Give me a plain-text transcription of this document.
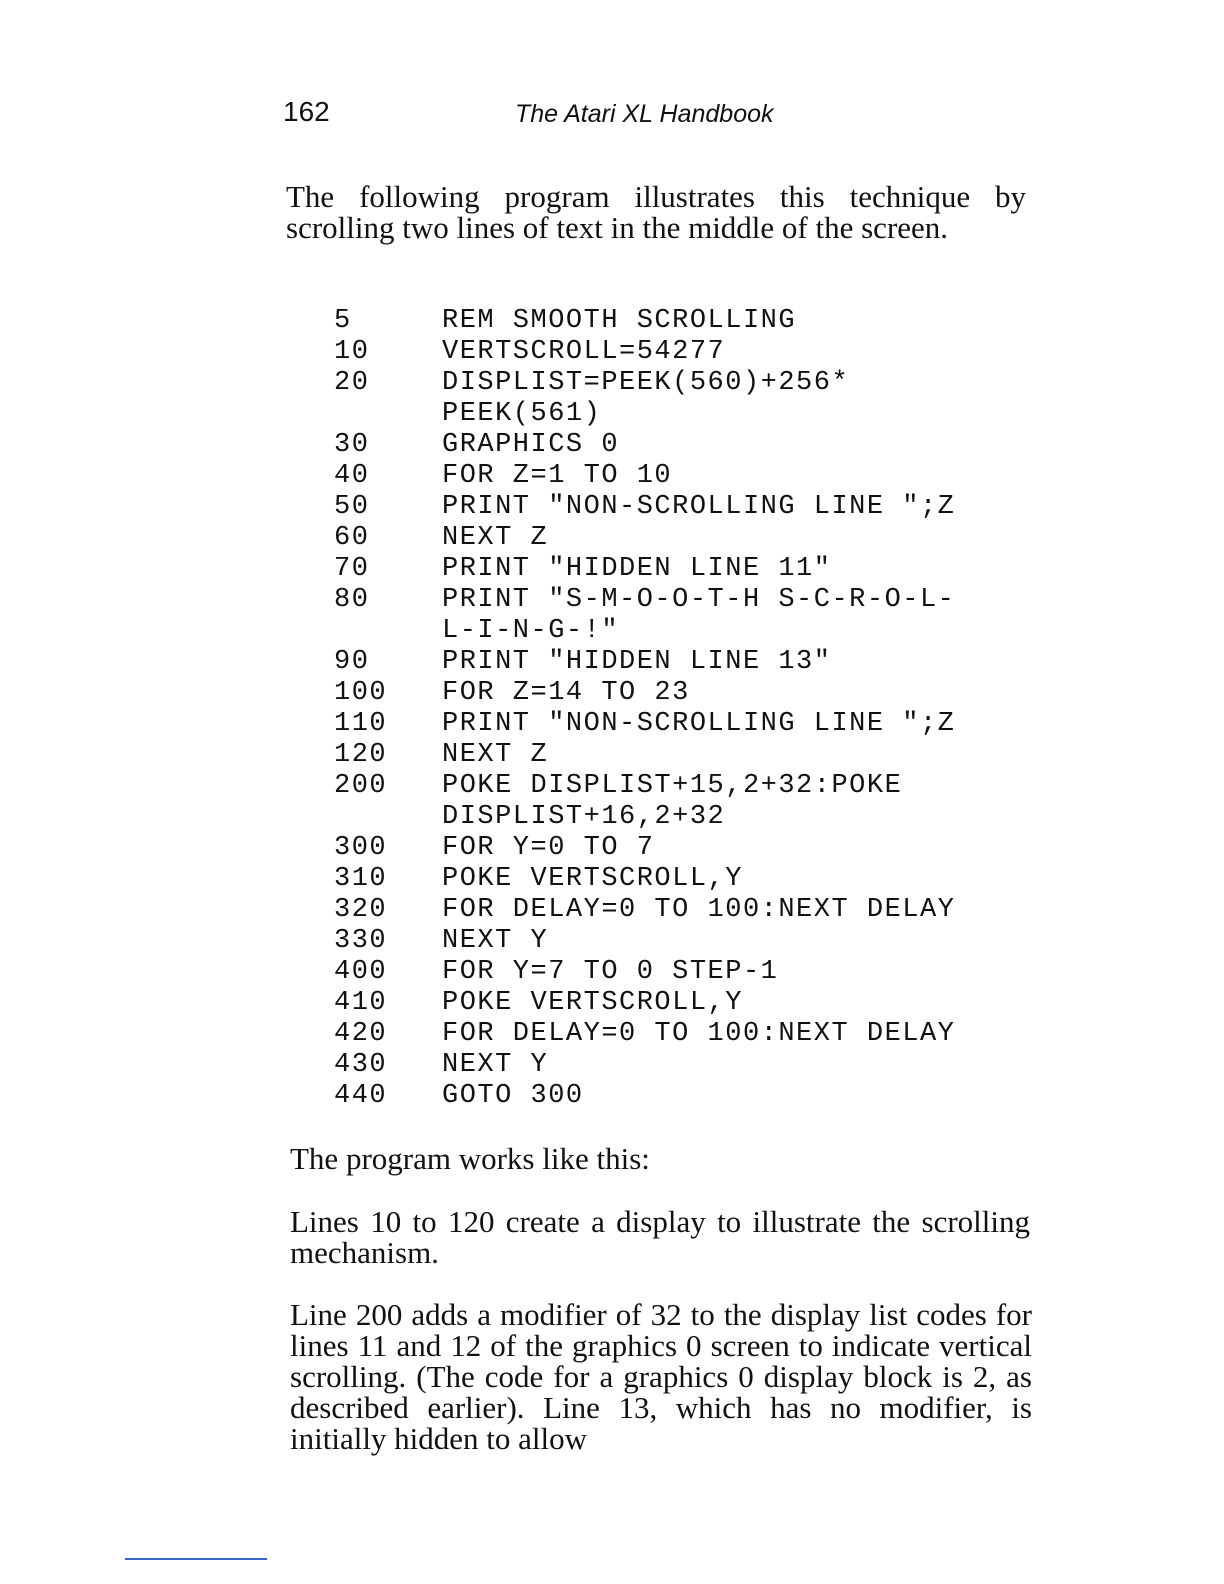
162	The Atari XL Handbook

The following program illustrates this technique by scrolling two lines of text in the middle of the screen.

5	REM SMOOTH SCROLLING
10	VERTSCROLL=54277
20	DISPLIST=PEEK(560)+256*
PEEK(561)
30	GRAPHICS 0
40	FOR Z=1 TO 10
50	PRINT "NON-SCROLLING LINE ";Z
60	NEXT Z
70	PRINT "HIDDEN LINE 11"
80	PRINT "S-M-O-O-T-H S-C-R-O-L-
L-I-N-G-!"
90	PRINT "HIDDEN LINE 13"
100	FOR Z=14 TO 23
110	PRINT "NON-SCROLLING LINE ";Z
120	NEXT Z
200	POKE DISPLIST+15,2+32:POKE
DISPLIST+16,2+32
300	FOR Y=0 TO 7
310	POKE VERTSCROLL,Y
320	FOR DELAY=0 TO 100:NEXT DELAY
330	NEXT Y
400	FOR Y=7 TO 0 STEP-1
410	POKE VERTSCROLL,Y
420	FOR DELAY=0 TO 100:NEXT DELAY
430	NEXT Y
440	GOTO 300

The program works like this:

Lines 10 to 120 create a display to illustrate the scrolling mechanism.

Line 200 adds a modifier of 32 to the display list codes for lines 11 and 12 of the graphics 0 screen to indicate vertical scrolling. (The code for a graphics 0 display block is 2, as described earlier). Line 13, which has no modifier, is initially hidden to allow
